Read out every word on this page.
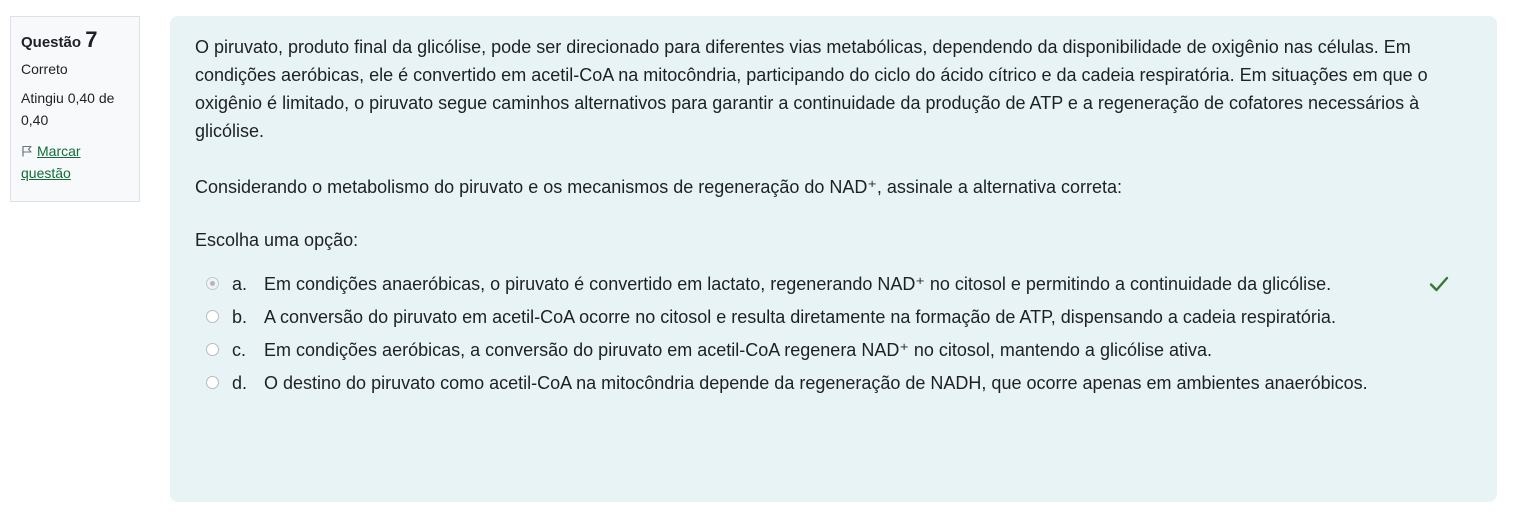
Questão 7
Correto
Atingiu 0,40 de 0,40
Marcar questão

O piruvato, produto final da glicólise, pode ser direcionado para diferentes vias metabólicas, dependendo da disponibilidade de oxigênio nas células. Em condições aeróbicas, ele é convertido em acetil-CoA na mitocôndria, participando do ciclo do ácido cítrico e da cadeia respiratória. Em situações em que o oxigênio é limitado, o piruvato segue caminhos alternativos para garantir a continuidade da produção de ATP e a regeneração de cofatores necessários à glicólise.

Considerando o metabolismo do piruvato e os mecanismos de regeneração do NAD⁺, assinale a alternativa correta:

Escolha uma opção:
a. Em condições anaeróbicas, o piruvato é convertido em lactato, regenerando NAD⁺ no citosol e permitindo a continuidade da glicólise.
b. A conversão do piruvato em acetil-CoA ocorre no citosol e resulta diretamente na formação de ATP, dispensando a cadeia respiratória.
c. Em condições aeróbicas, a conversão do piruvato em acetil-CoA regenera NAD⁺ no citosol, mantendo a glicólise ativa.
d. O destino do piruvato como acetil-CoA na mitocôndria depende da regeneração de NADH, que ocorre apenas em ambientes anaeróbicos.
